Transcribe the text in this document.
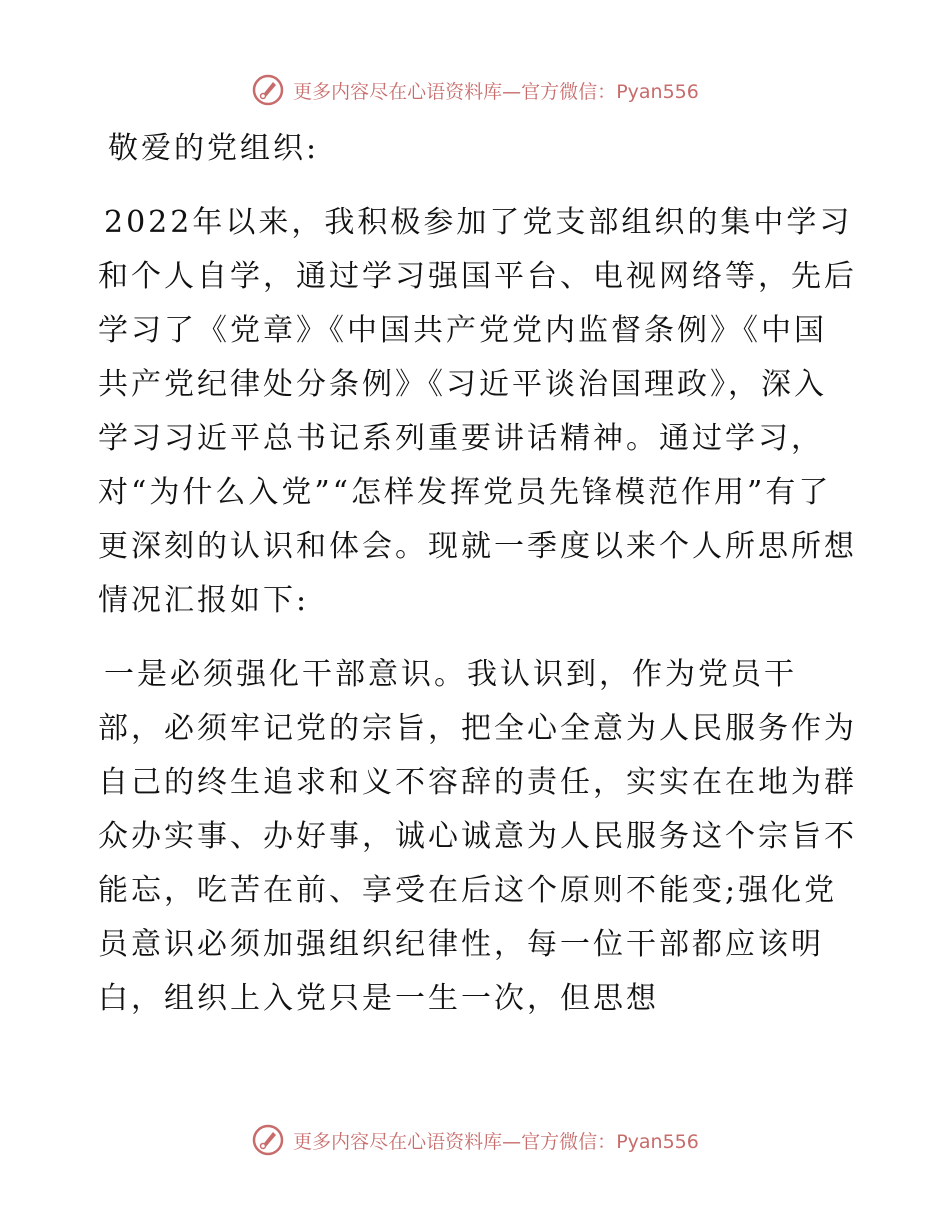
更多内容尽在心语资料库—官方微信：Pyan556

敬爱的党组织:

2022年以来，我积极参加了党支部组织的集中学习和个人自学，通过学习强国平台、电视网络等，先后学习了《党章》《中国共产党党内监督条例》《中国共产党纪律处分条例》《习近平谈治国理政》，深入学习习近平总书记系列重要讲话精神。通过学习，对“为什么入党”“怎样发挥党员先锋模范作用”有了更深刻的认识和体会。现就一季度以来个人所思所想情况汇报如下:

一是必须强化干部意识。我认识到，作为党员干部，必须牢记党的宗旨，把全心全意为人民服务作为自己的终生追求和义不容辞的责任，实实在在地为群众办实事、办好事，诚心诚意为人民服务这个宗旨不能忘，吃苦在前、享受在后这个原则不能变;强化党员意识必须加强组织纪律性，每一位干部都应该明白，组织上入党只是一生一次，但思想

更多内容尽在心语资料库—官方微信：Pyan556
